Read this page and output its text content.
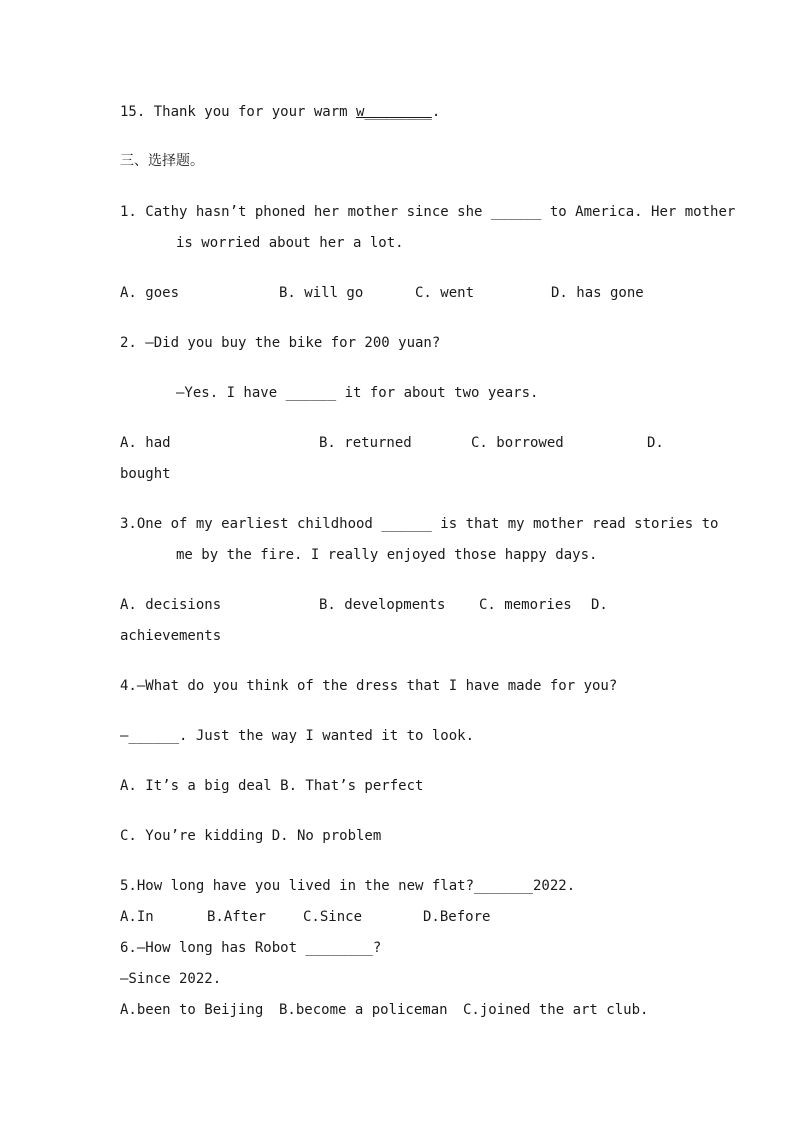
15. Thank you for your warm w________.
三、选择题。
1. Cathy hasn’t phoned her mother since she ______ to America. Her mother
is worried about her a lot.
A. goes	B. will go	C. went	D. has gone
2. —Did you buy the bike for 200 yuan?
—Yes. I have ______ it for about two years.
A. had	B. returned	C. borrowed	D.
bought
3.One of my earliest childhood ______ is that my mother read stories to
me by the fire. I really enjoyed those happy days.
A. decisions	B. developments C. memories D.
achievements
4.—What do you think of the dress that I have made for you?
—______. Just the way I wanted it to look.
A. It’s a big deal B. That’s perfect
C. You’re kidding D. No problem
5.How long have you lived in the new flat?_______2022.
A.In	B.After	C.Since	D.Before
6.—How long has Robot ________?
—Since 2022.
A.been to Beijing B.become a policeman C.joined the art club.
